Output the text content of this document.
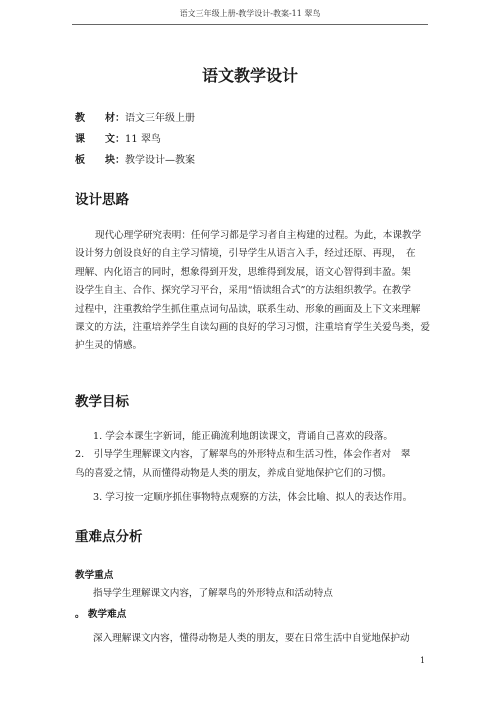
语文三年级上册-教学设计-教案-11 翠鸟
语文教学设计
教　　材：语文三年级上册
课　　文：11 翠鸟
板　　块：教学设计—教案
设计思路
现代心理学研究表明：任何学习都是学习者自主构建的过程。为此，本课教学
设计努力创设良好的自主学习情境，引导学生从语言入手，经过还原、再现，　在
理解、内化语言的同时，想象得到开发，思维得到发展，语文心智得到丰盈。架
设学生自主、合作、探究学习平台，采用“悟读组合式”的方法组织教学。在教学
过程中，注重教给学生抓住重点词句品读，联系生动、形象的画面及上下文来理解
课文的方法，注重培养学生自读勾画的良好的学习习惯，注重培育学生关爱鸟类，爱
护生灵的情感。
教学目标
1. 学会本课生字新词，能正确流利地朗读课文，背诵自己喜欢的段落。
2.　引导学生理解课文内容，了解翠鸟的外形特点和生活习性，体会作者对　翠
鸟的喜爱之情，从而懂得动物是人类的朋友，养成自觉地保护它们的习惯。
3. 学习按一定顺序抓住事物特点观察的方法，体会比喻、拟人的表达作用。
重难点分析
教学重点
指导学生理解课文内容，了解翠鸟的外形特点和活动特点
。 教学难点
深入理解课文内容，懂得动物是人类的朋友，要在日常生活中自觉地保护动
1
